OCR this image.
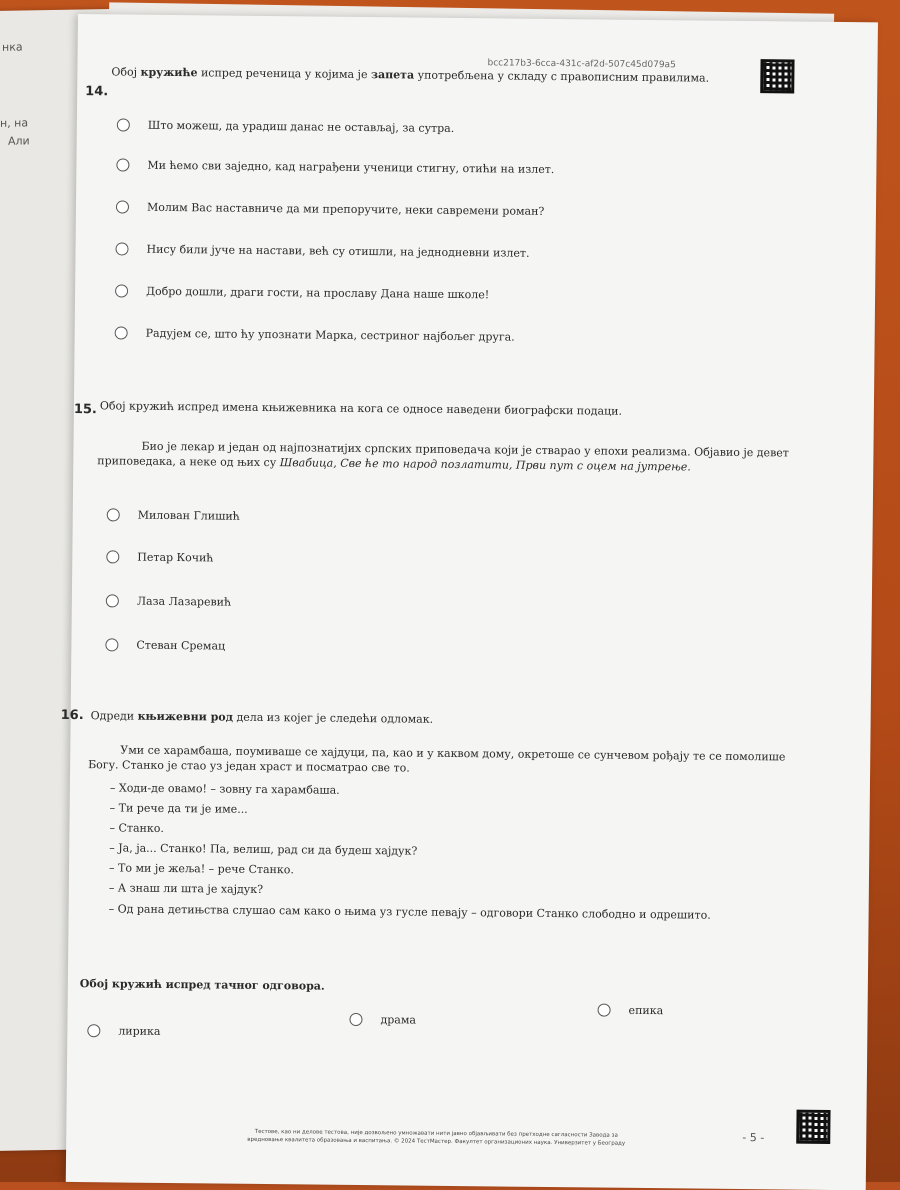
нка
н, на
Али
bcc217b3-6cca-431c-af2d-507c45d079a5
14.
Обој кружиће испред реченица у којима је запета употребљена у складу с правописним правилима.
Што можеш, да урадиш данас не остављај, за сутра.
Ми ћемо сви заједно, кад награђени ученици стигну, отићи на излет.
Молим Вас наставниче да ми препоручите, неки савремени роман?
Нису били јуче на настави, већ су отишли, на једнодневни излет.
Добро дошли, драги гости, на прославу Дана наше школе!
Радујем се, што ћу упознати Марка, сестриног најбољег друга.
15. Обој кружић испред имена књижевника на кога се односе наведени биографски подаци.
Био је лекар и један од најпознатијих српских приповедача који је стварао у епохи реализма. Објавио је девет приповедака, а неке од њих су Швабица, Све ће то народ позлатити, Први пут с оцем на јутрење.
Милован Глишић
Петар Кочић
Лаза Лазаревић
Стеван Сремац
16. Одреди књижевни род дела из којег је следећи одломак.
Уми се харамбаша, поумиваше се хајдуци, па, као и у каквом дому, окретоше се сунчевом рођају те се помолише Богу. Станко је стао уз један храст и посматрао све то.
– Ходи-де овамо! – зовну га харамбаша.
– Ти рече да ти је име...
– Станко.
– Ја, ја... Станко! Па, велиш, рад си да будеш хајдук?
– То ми је жеља! – рече Станко.
– А знаш ли шта је хајдук?
– Од рана детињства слушао сам како о њима уз гусле певају – одговори Станко слободно и одрешито.
Обој кружић испред тачног одговора.
лирика
драма
епика
- 5 -
Тестове, као ни делове тестова, није дозвољено умножавати нити јавно објављивати без претходне сагласности Завода за вредновање квалитета образовања и васпитања. © 2024 ТестМастер. Факултет организационих наука. Универзитет у Београду
